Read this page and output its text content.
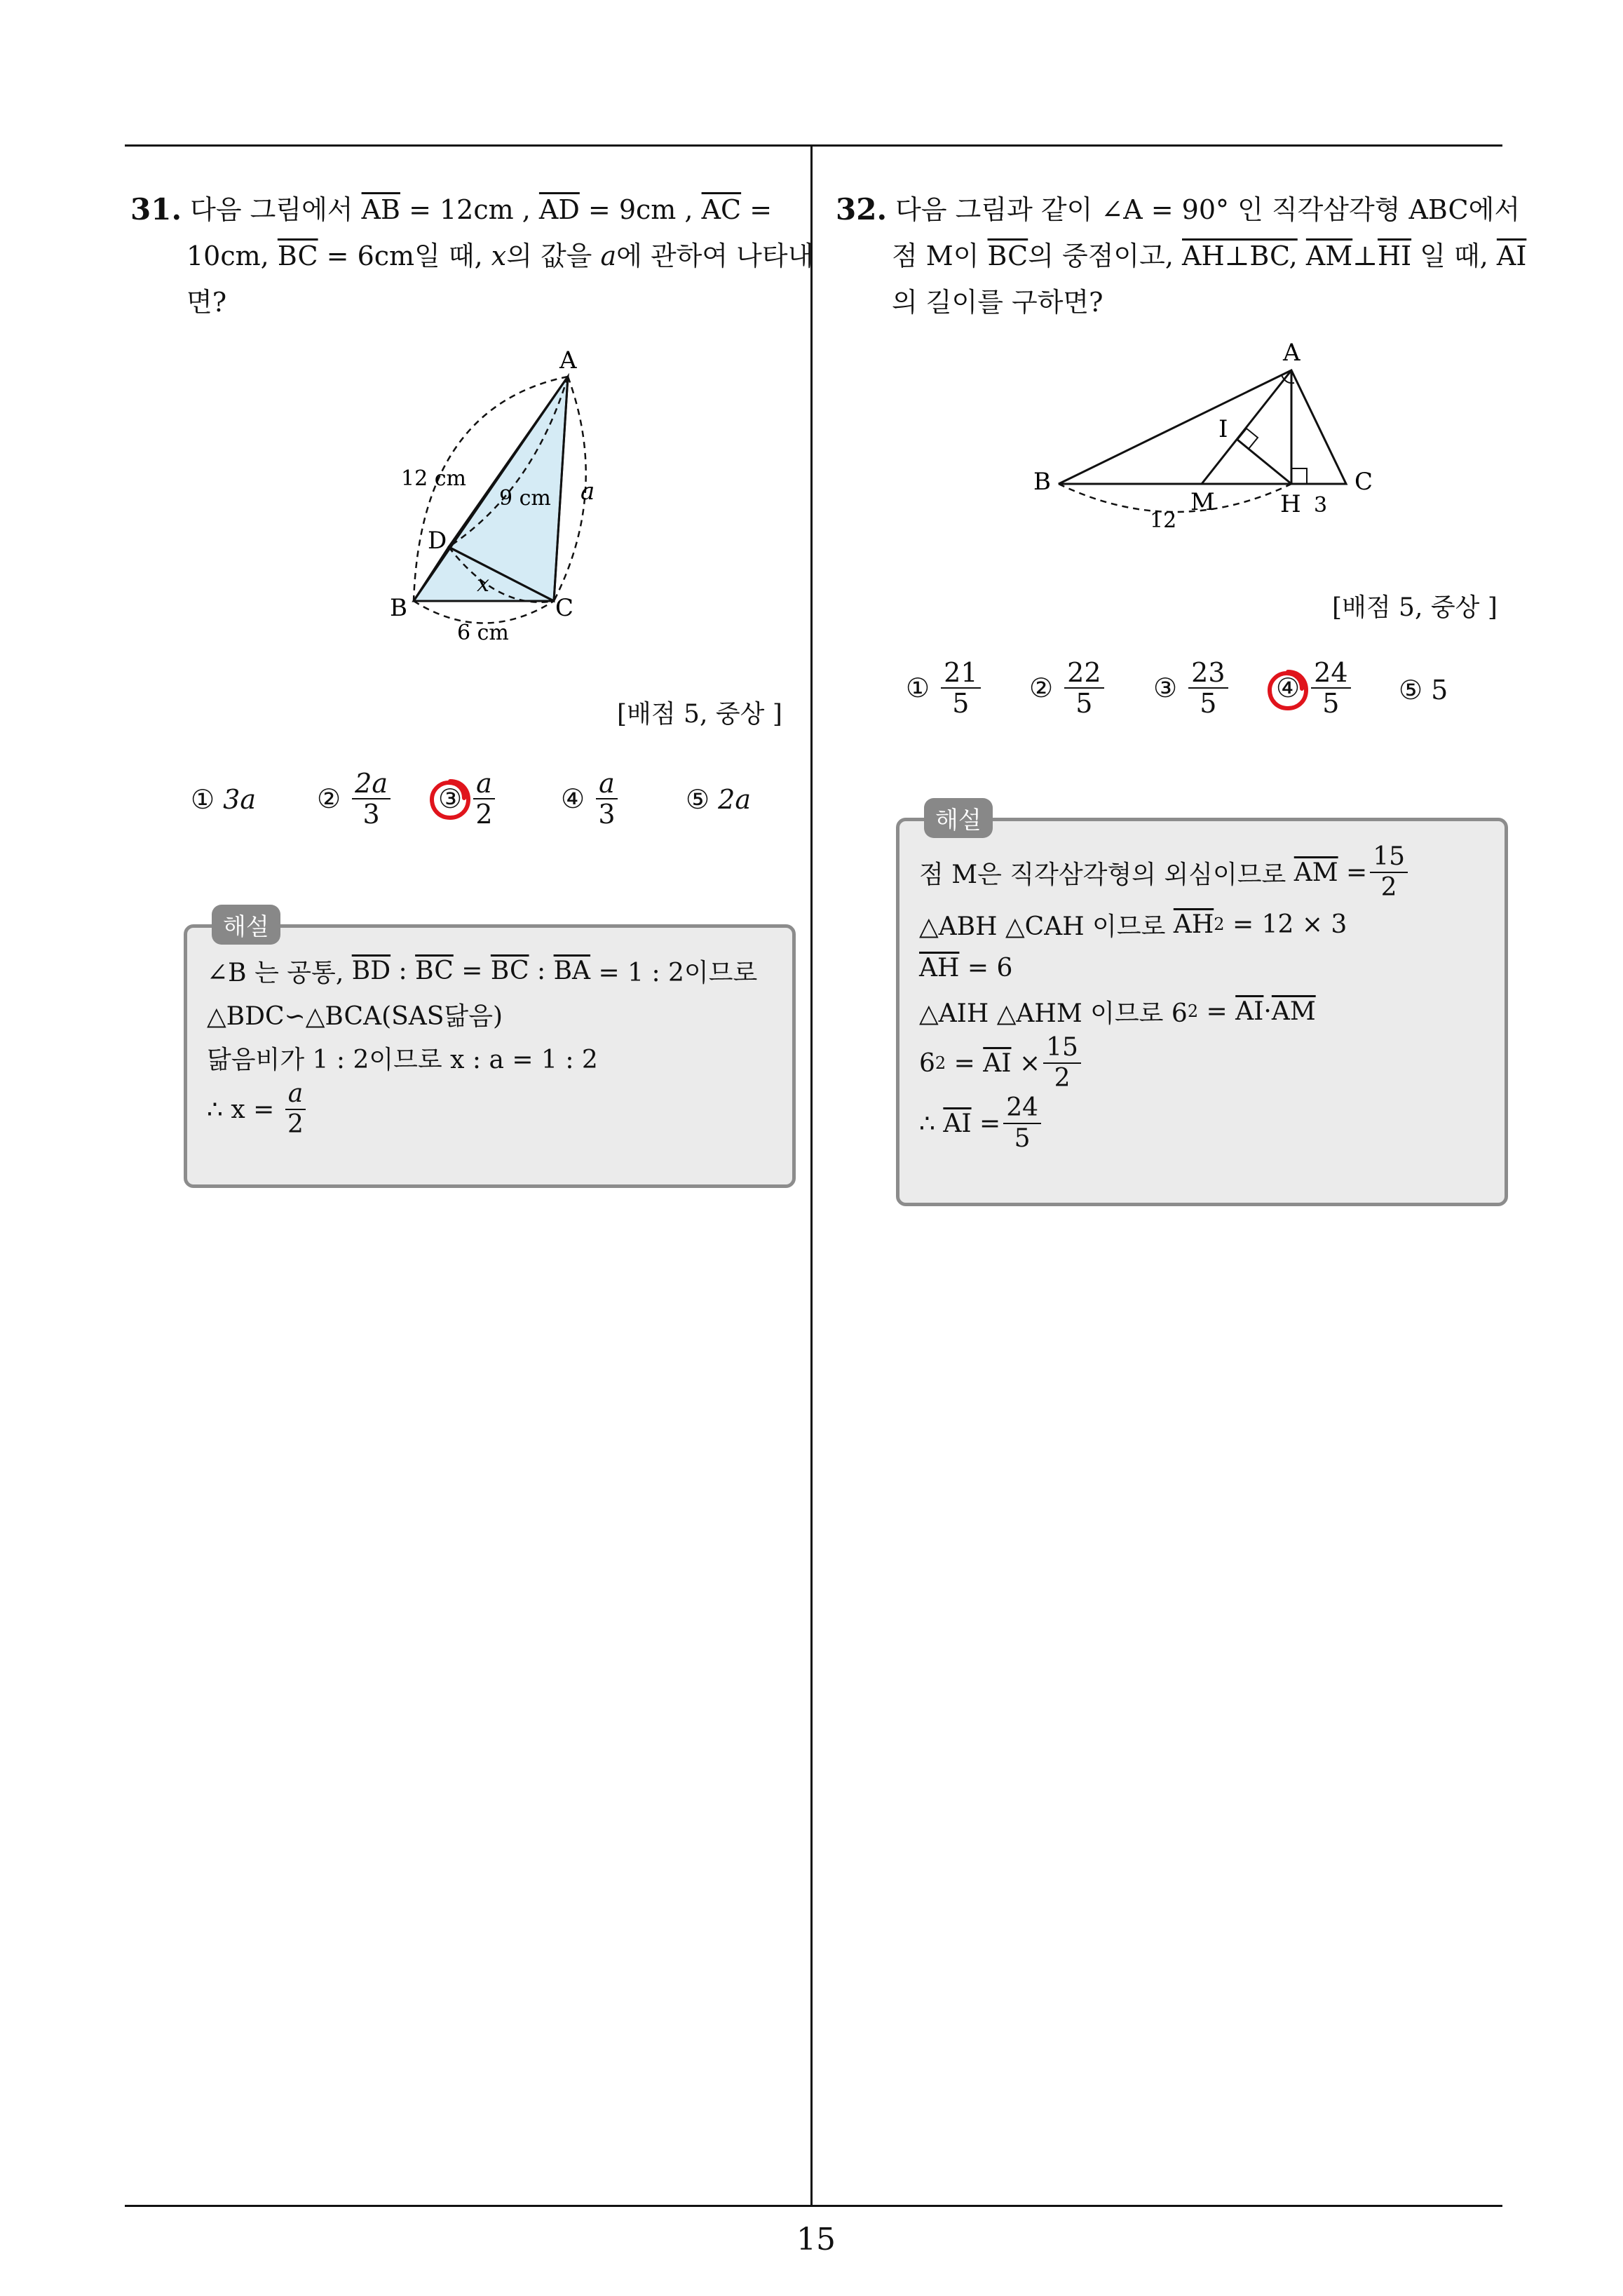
31.
다음 그림에서
$\overline{AB}$
= 12cm ,
$\overline{AD}$
= 9cm ,
$\overline{AC}$
=
10cm,
$\overline{BC}$
= 6cm일 때,
x 의 값을
a 에 관하여 나타내
면?
A
B	C
D
12 cm
9 cm
6 cm
a
x
[배점 5, 중상 ]
①
3a ②
$\frac{2a}{3}$ ③
$\frac{a}{2}$ ④
$\frac{a}{3}$	⑤
2a
∠B 는 공통,
$\overline{BD}$
:
$\overline{BC}$
=
$\overline{BC}$
:
$\overline{BA}$
= 1 : 2이므로
△BDC∽△BCA(SAS닮음)
닮음비가 1 : 2이므로 x : a = 1 : 2
∴ x =
$\frac{a}{2}$
해설
32.
다음 그림과 같이 ∠A = 90° 인 직각삼각형 ABC에서
점 M이
$\overline{BC}$ 의 중점이고,
AH⊥BC,
$\overline{AM}$ ⊥ $\overline{HI}$
일 때,
$\overline{AI}$
의 길이를 구하면?
A
B	C
I
M	H
12
3
[배점 5, 중상 ]
①
$\frac{21}{5}$ ②
$\frac{22}{5}$ ③
$\frac{23}{5}$ ④
$\frac{24}{5}$ ⑤
5
점 M은 직각삼각형의 외심이므로
$\overline{AM}$
= $\frac{15}{2}$
△ABH △CAH 이므로
$\overline{AH}$ 2
= 12 × 3
$\overline{AH}$
= 6
△AIH △AHM 이므로 6 2
=
$\overline{AI} \cdot \overline{AM}$
6 2
=
$\overline{AI}$
× $\frac{15}{2}$
∴
$\overline{AI}$
= $\frac{24}{5}$
해설
15
